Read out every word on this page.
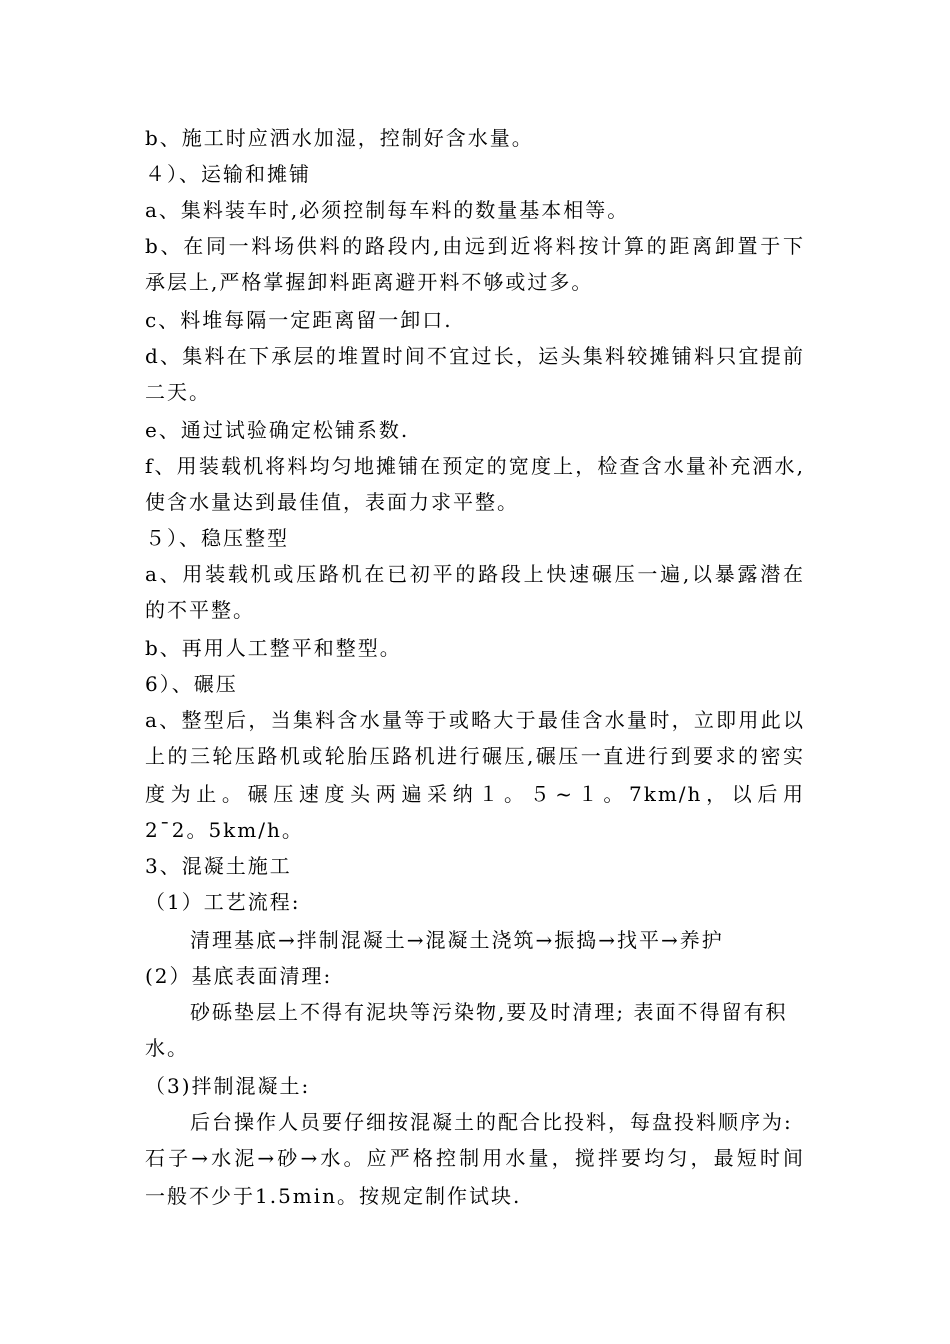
b、施工时应洒水加湿，控制好含水量。
４）、运输和摊铺
a、集料装车时,必须控制每车料的数量基本相等。
b、在同一料场供料的路段内,由远到近将料按计算的距离卸置于下
承层上,严格掌握卸料距离避开料不够或过多。
c、料堆每隔一定距离留一卸口.
d、集料在下承层的堆置时间不宜过长，运头集料较摊铺料只宜提前
二天。
e、通过试验确定松铺系数.
f、用装载机将料均匀地摊铺在预定的宽度上，检查含水量补充洒水,
使含水量达到最佳值，表面力求平整。
５）、稳压整型
a、用装载机或压路机在已初平的路段上快速碾压一遍,以暴露潜在
的不平整。
b、再用人工整平和整型。
6）、碾压
a、整型后，当集料含水量等于或略大于最佳含水量时，立即用此以
上的三轮压路机或轮胎压路机进行碾压,碾压一直进行到要求的密实
度为止。碾压速度头两遍采纳１。５~１。7km/h，以后用
2¯2。5km/h。
3、混凝土施工
（1）工艺流程:
清理基底→拌制混凝土→混凝土浇筑→振捣→找平→养护
(2）基底表面清理:
砂砾垫层上不得有泥块等污染物,要及时清理; 表面不得留有积
水。
（3)拌制混凝土:
后台操作人员要仔细按混凝土的配合比投料，每盘投料顺序为:
石子→水泥→砂→水。应严格控制用水量，搅拌要均匀，最短时间
一般不少于1.5min。按规定制作试块.
